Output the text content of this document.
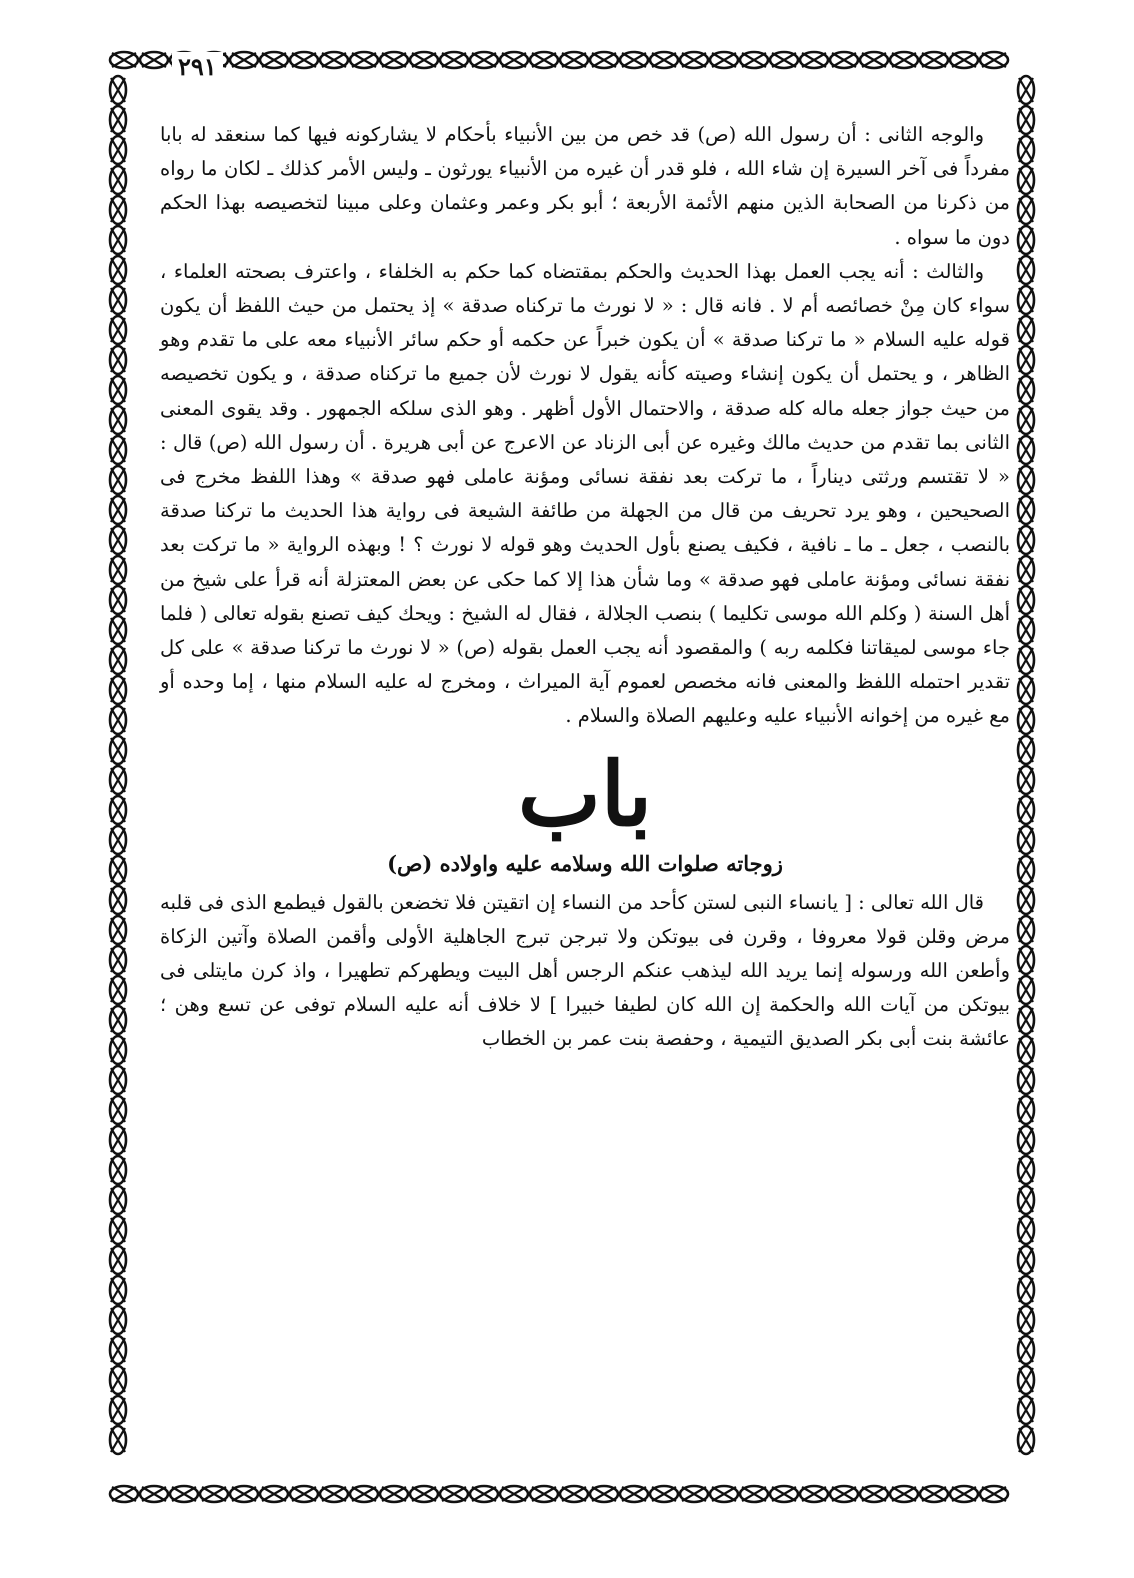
٢٩١

والوجه الثانى : أن رسول الله (ص) قد خص من بين الأنبياء بأحكام لا يشاركونه فيها كما سنعقد له بابا مفرداً فى آخر السيرة إن شاء الله ، فلو قدر أن غيره من الأنبياء يورثون ـ وليس الأمر كذلك ـ لكان ما رواه من ذكرنا من الصحابة الذين منهم الأئمة الأربعة ؛ أبو بكر وعمر وعثمان وعلى مبينا لتخصيصه بهذا الحكم دون ما سواه .

والثالث : أنه يجب العمل بهذا الحديث والحكم بمقتضاه كما حكم به الخلفاء ، واعترف بصحته العلماء ، سواء كان مِنْ خصائصه أم لا . فانه قال : « لا نورث ما تركناه صدقة » إذ يحتمل من حيث اللفظ أن يكون قوله عليه السلام « ما تركنا صدقة » أن يكون خبراً عن حكمه أو حكم سائر الأنبياء معه على ما تقدم وهو الظاهر ، و يحتمل أن يكون إنشاء وصيته كأنه يقول لا نورث لأن جميع ما تركناه صدقة ، و يكون تخصيصه من حيث جواز جعله ماله كله صدقة ، والاحتمال الأول أظهر . وهو الذى سلكه الجمهور . وقد يقوى المعنى الثانى بما تقدم من حديث مالك وغيره عن أبى الزناد عن الاعرج عن أبى هريرة . أن رسول الله (ص) قال : « لا تقتسم ورثتى ديناراً ، ما تركت بعد نفقة نسائى ومؤنة عاملى فهو صدقة » وهذا اللفظ مخرج فى الصحيحين ، وهو يرد تحريف من قال من الجهلة من طائفة الشيعة فى رواية هذا الحديث ما تركنا صدقة بالنصب ، جعل ـ ما ـ نافية ، فكيف يصنع بأول الحديث وهو قوله لا نورث ؟ ! وبهذه الرواية « ما تركت بعد نفقة نسائى ومؤنة عاملى فهو صدقة » وما شأن هذا إلا كما حكى عن بعض المعتزلة أنه قرأ على شيخ من أهل السنة ( وكلم الله موسى تكليما ) بنصب الجلالة ، فقال له الشيخ : ويحك كيف تصنع بقوله تعالى ( فلما جاء موسى لميقاتنا فكلمه ربه ) والمقصود أنه يجب العمل بقوله (ص) « لا نورث ما تركنا صدقة » على كل تقدير احتمله اللفظ والمعنى فانه مخصص لعموم آية الميراث ، ومخرج له عليه السلام منها ، إما وحده أو مع غيره من إخوانه الأنبياء عليه وعليهم الصلاة والسلام .

باب
زوجاته صلوات الله وسلامه عليه واولاده (ص)

قال الله تعالى : [ يانساء النبى لستن كأحد من النساء إن اتقيتن فلا تخضعن بالقول فيطمع الذى فى قلبه مرض وقلن قولا معروفا ، وقرن فى بيوتكن ولا تبرجن تبرج الجاهلية الأولى وأقمن الصلاة وآتين الزكاة وأطعن الله ورسوله إنما يريد الله ليذهب عنكم الرجس أهل البيت ويطهركم تطهيرا ، واذ كرن مايتلى فى بيوتكن من آيات الله والحكمة إن الله كان لطيفا خبيرا ] لا خلاف أنه عليه السلام توفى عن تسع وهن ؛ عائشة بنت أبى بكر الصديق التيمية ، وحفصة بنت عمر بن الخطاب
